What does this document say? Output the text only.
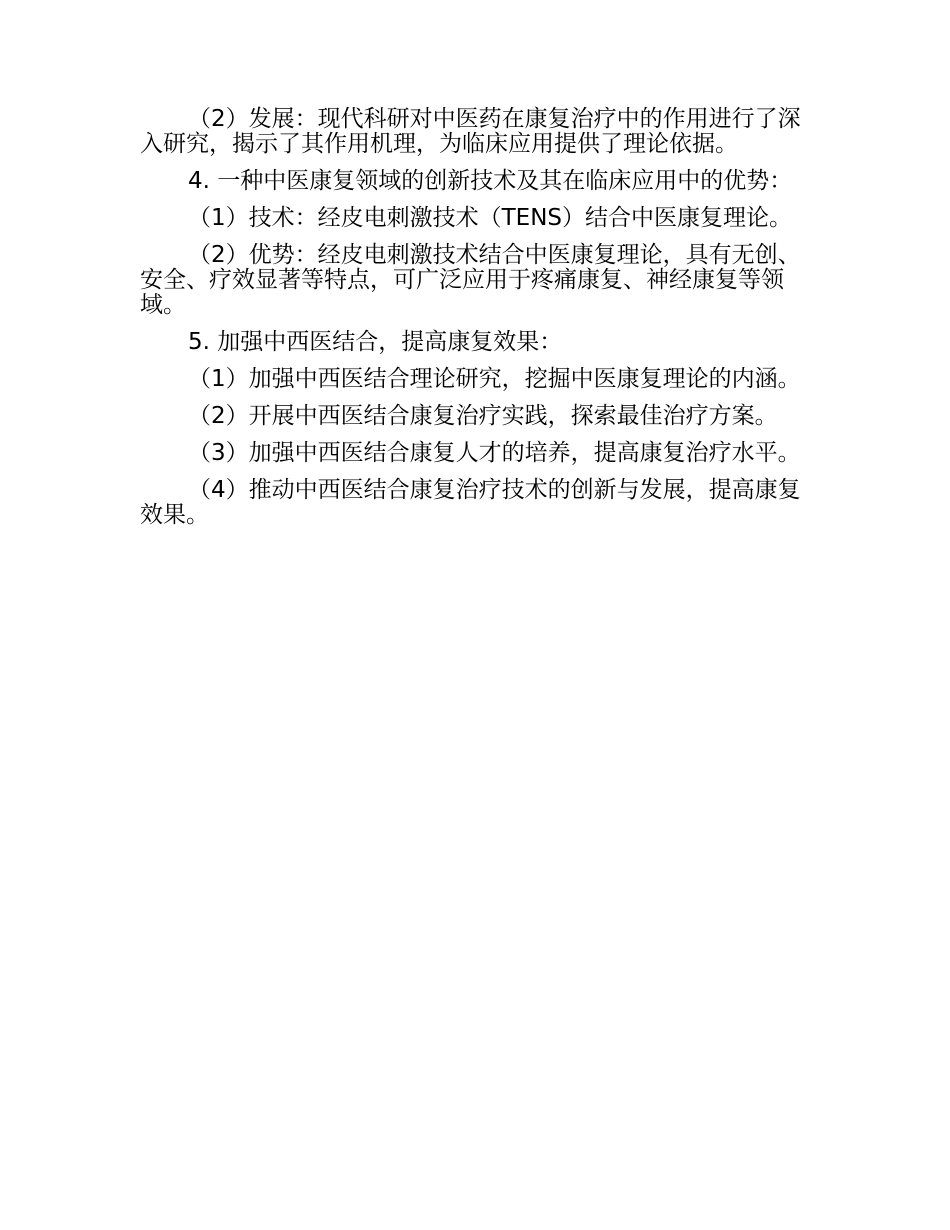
（2）发展：现代科研对中医药在康复治疗中的作用进行了深入研究，揭示了其作用机理，为临床应用提供了理论依据。

4. 一种中医康复领域的创新技术及其在临床应用中的优势：

（1）技术：经皮电刺激技术（TENS）结合中医康复理论。

（2）优势：经皮电刺激技术结合中医康复理论，具有无创、安全、疗效显著等特点，可广泛应用于疼痛康复、神经康复等领域。

5. 加强中西医结合，提高康复效果：

（1）加强中西医结合理论研究，挖掘中医康复理论的内涵。

（2）开展中西医结合康复治疗实践，探索最佳治疗方案。

（3）加强中西医结合康复人才的培养，提高康复治疗水平。

（4）推动中西医结合康复治疗技术的创新与发展，提高康复效果。
